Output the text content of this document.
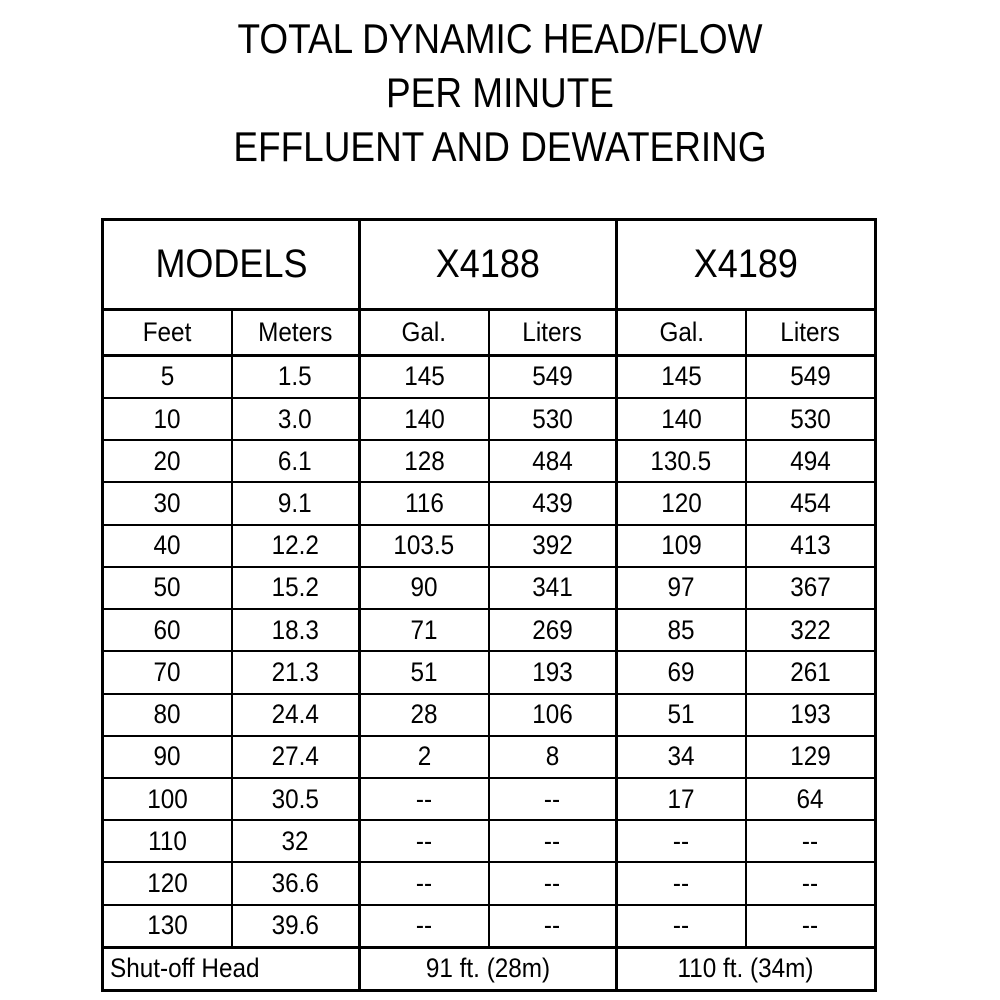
TOTAL DYNAMIC HEAD/FLOW
PER MINUTE
EFFLUENT AND DEWATERING
MODELS		X4188		X4189	
Feet	Meters	Gal.	Liters	Gal.	Liters
5	1.5	145	549	145	549
10	3.0	140	530	140	530
20	6.1	128	484	130.5	494
30	9.1	116	439	120	454
40	12.2	103.5	392	109	413
50	15.2	90	341	97	367
60	18.3	71	269	85	322
70	21.3	51	193	69	261
80	24.4	28	106	51	193
90	27.4	2	8	34	129
100	30.5	--	--	17	64
110	32	--	--	--	--
120	36.6	--	--	--	--
130	39.6	--	--	--	--
Shut-off Head		91 ft. (28m)		110 ft. (34m)	
